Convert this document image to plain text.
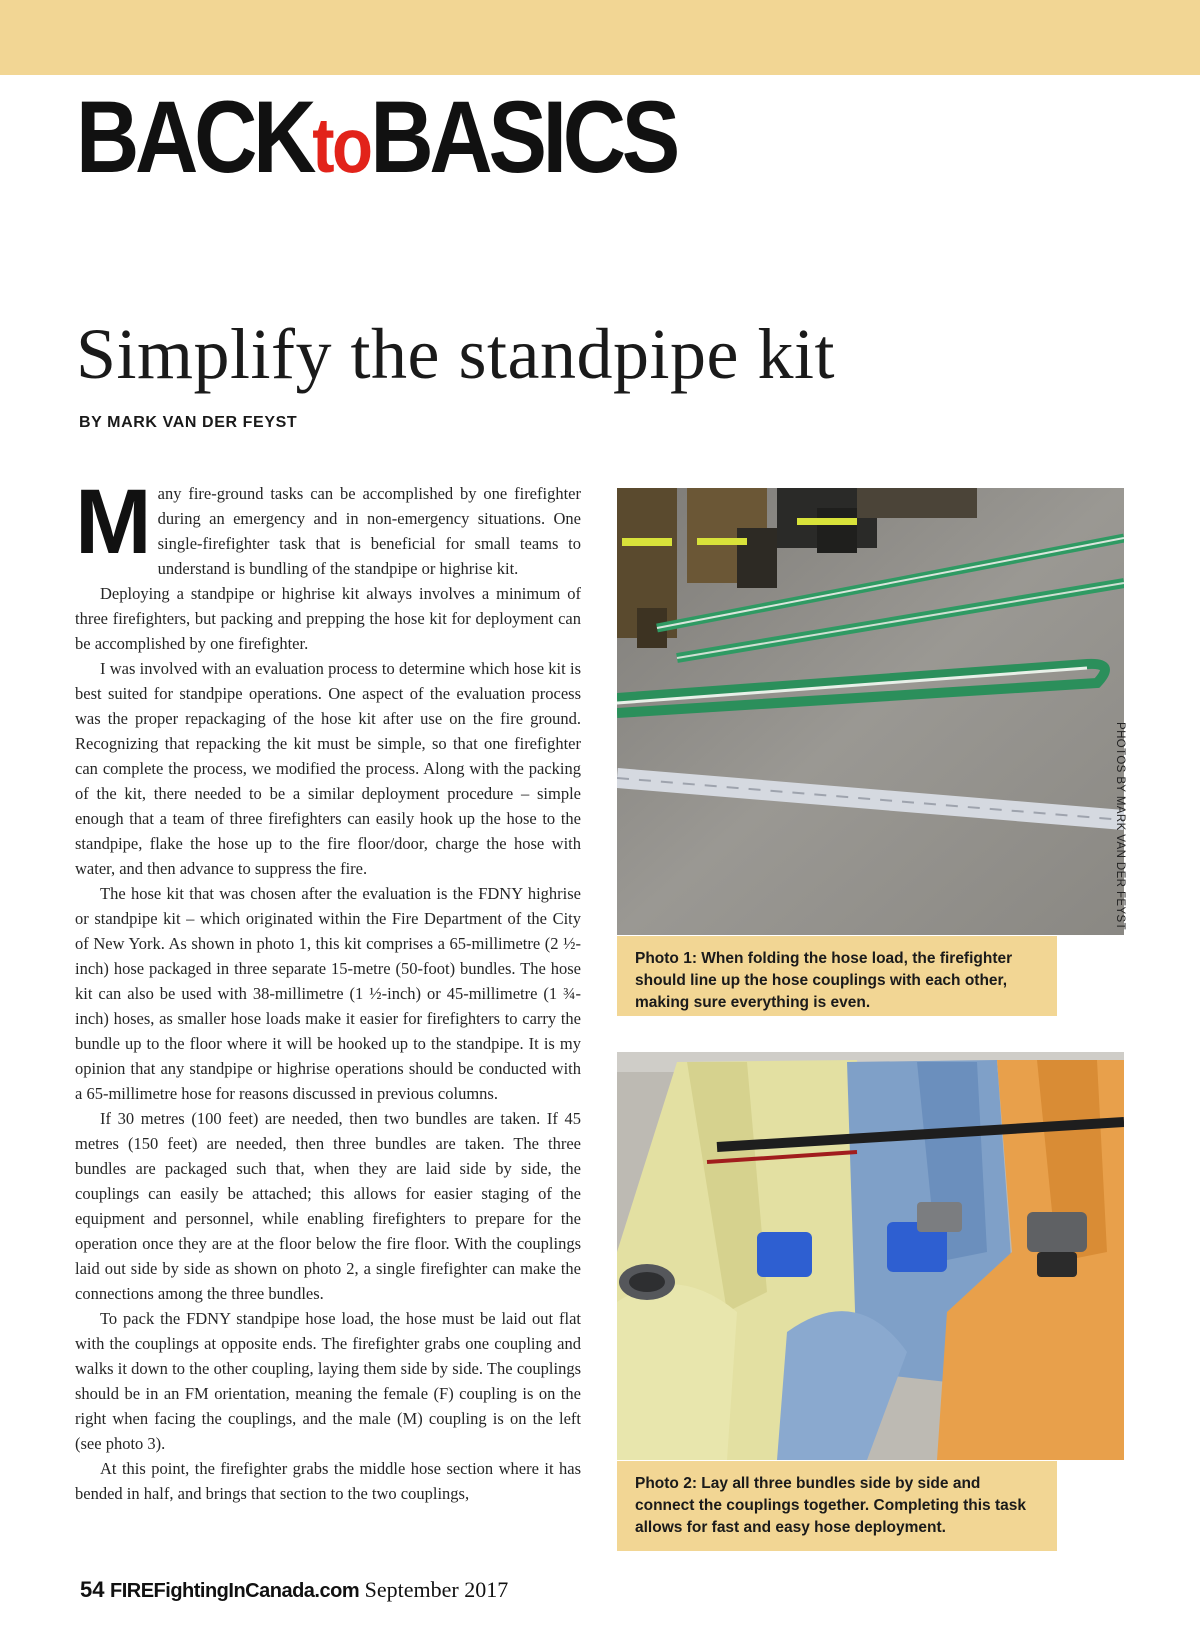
BACKtoBASICS
Simplify the standpipe kit
BY MARK VAN DER FEYST

Many fire-ground tasks can be accomplished by one firefighter during an emergency and in non-emergency situations. One single-firefighter task that is beneficial for small teams to understand is bundling of the standpipe or highrise kit.

Deploying a standpipe or highrise kit always involves a minimum of three firefighters, but packing and prepping the hose kit for deployment can be accomplished by one firefighter.

I was involved with an evaluation process to determine which hose kit is best suited for standpipe operations. One aspect of the evaluation process was the proper repackaging of the hose kit after use on the fire ground. Recognizing that repacking the kit must be simple, so that one firefighter can complete the process, we modified the process. Along with the packing of the kit, there needed to be a similar deployment procedure – simple enough that a team of three firefighters can easily hook up the hose to the standpipe, flake the hose up to the fire floor/door, charge the hose with water, and then advance to suppress the fire.

The hose kit that was chosen after the evaluation is the FDNY highrise or standpipe kit – which originated within the Fire Department of the City of New York. As shown in photo 1, this kit comprises a 65-millimetre (2 ½-inch) hose packaged in three separate 15-metre (50-foot) bundles. The hose kit can also be used with 38-millimetre (1 ½-inch) or 45-millimetre (1 ¾-inch) hoses, as smaller hose loads make it easier for firefighters to carry the bundle up to the floor where it will be hooked up to the standpipe. It is my opinion that any standpipe or highrise operations should be conducted with a 65-millimetre hose for reasons discussed in previous columns.

If 30 metres (100 feet) are needed, then two bundles are taken. If 45 metres (150 feet) are needed, then three bundles are taken. The three bundles are packaged such that, when they are laid side by side, the couplings can easily be attached; this allows for easier staging of the equipment and personnel, while enabling firefighters to prepare for the operation once they are at the floor below the fire floor. With the couplings laid out side by side as shown on photo 2, a single firefighter can make the connections among the three bundles.

To pack the FDNY standpipe hose load, the hose must be laid out flat with the couplings at opposite ends. The firefighter grabs one coupling and walks it down to the other coupling, laying them side by side. The couplings should be in an FM orientation, meaning the female (F) coupling is on the right when facing the couplings, and the male (M) coupling is on the left (see photo 3).

At this point, the firefighter grabs the middle hose section where it has bended in half, and brings that section to the two couplings,

Photo 1: When folding the hose load, the firefighter should line up the hose couplings with each other, making sure everything is even.
Photo 2: Lay all three bundles side by side and connect the couplings together. Completing this task allows for fast and easy hose deployment.
PHOTOS BY MARK VAN DER FEYST
54 FIREFightingInCanada.com September 2017
